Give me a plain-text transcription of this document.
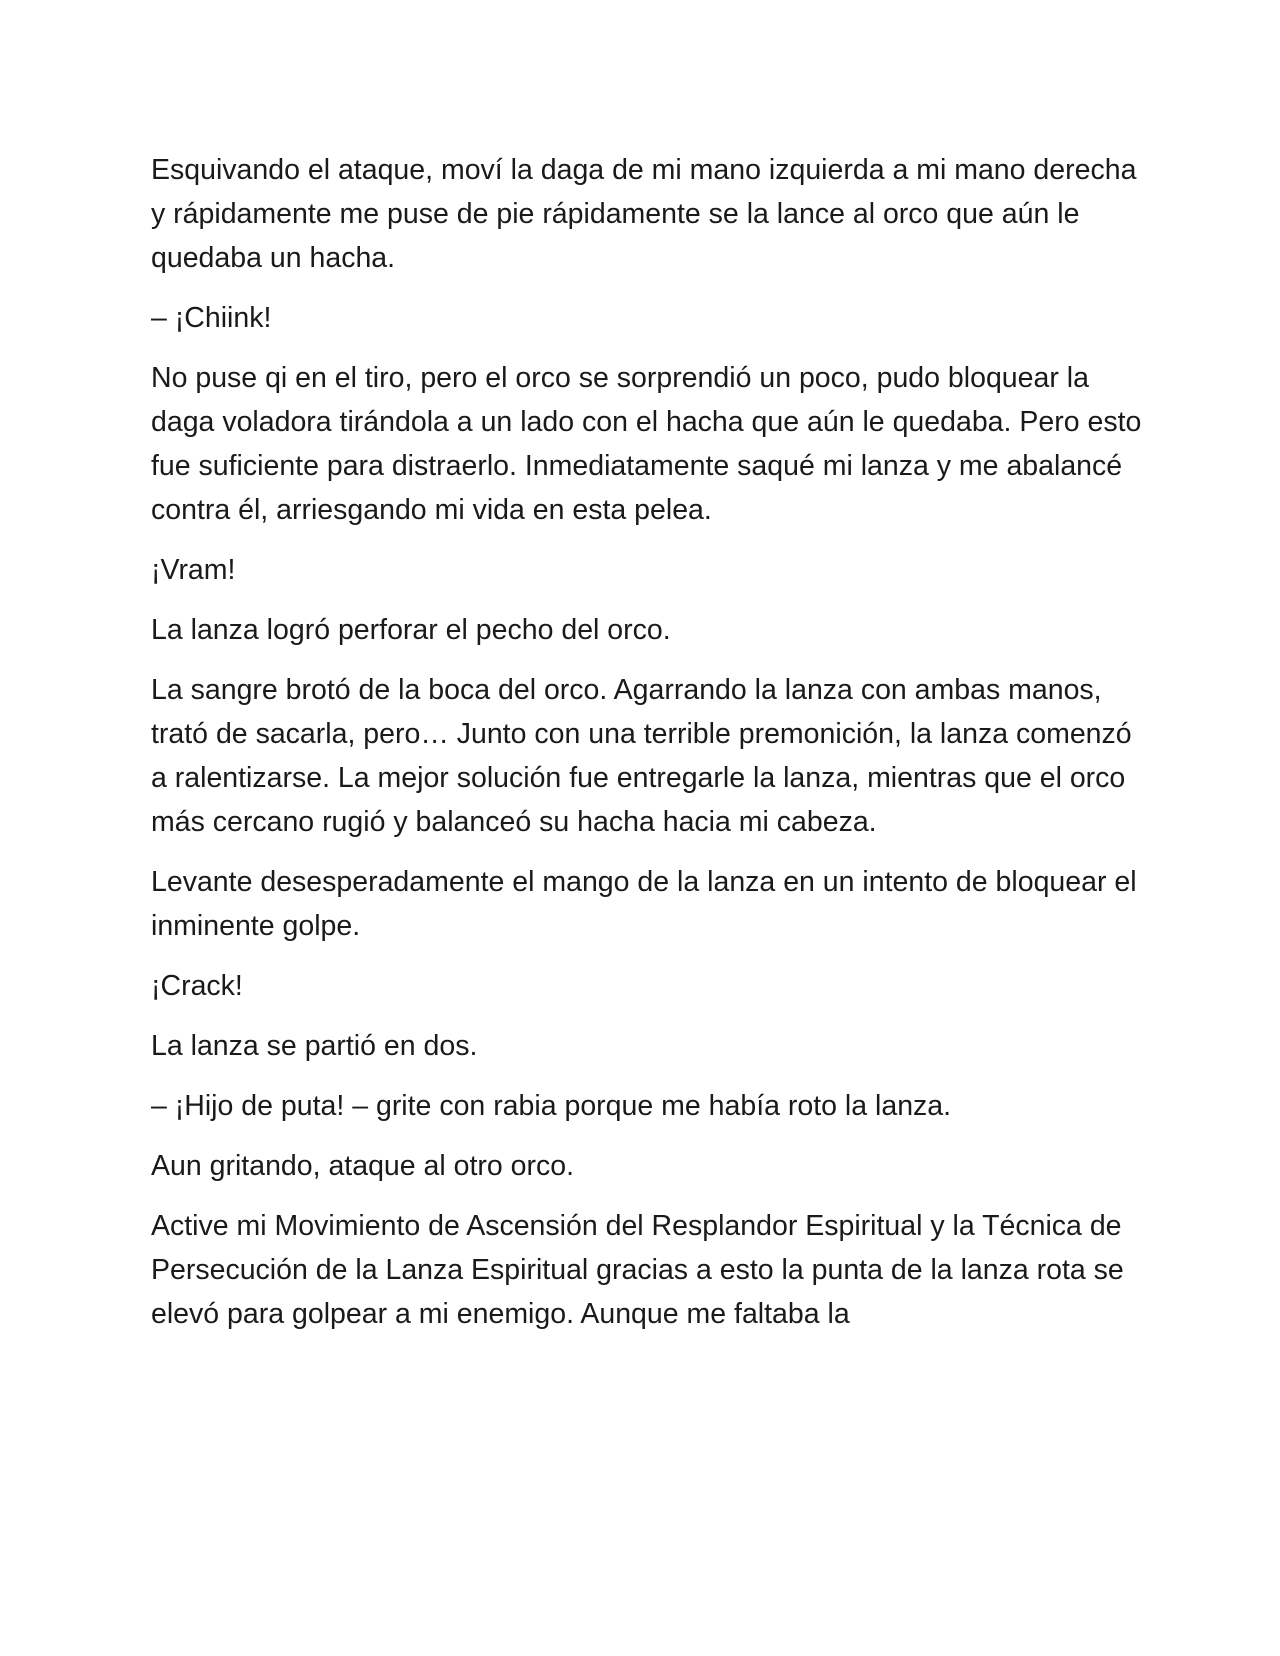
Esquivando el ataque, moví la daga de mi mano izquierda a mi mano derecha y rápidamente me puse de pie rápidamente se la lance al orco que aún le quedaba un hacha.

– ¡Chiink!

No puse qi en el tiro, pero el orco se sorprendió un poco, pudo bloquear la daga voladora tirándola a un lado con el hacha que aún le quedaba. Pero esto fue suficiente para distraerlo. Inmediatamente saqué mi lanza y me abalancé contra él, arriesgando mi vida en esta pelea.

¡Vram!

La lanza logró perforar el pecho del orco.

La sangre brotó de la boca del orco. Agarrando la lanza con ambas manos, trató de sacarla, pero… Junto con una terrible premonición, la lanza comenzó a ralentizarse. La mejor solución fue entregarle la lanza, mientras que el orco más cercano rugió y balanceó su hacha hacia mi cabeza.

Levante desesperadamente el mango de la lanza en un intento de bloquear el inminente golpe.

¡Crack!

La lanza se partió en dos.

– ¡Hijo de puta! – grite con rabia porque me había roto la lanza.

Aun gritando, ataque al otro orco.

Active mi Movimiento de Ascensión del Resplandor Espiritual y la Técnica de Persecución de la Lanza Espiritual gracias a esto la punta de la lanza rota se elevó para golpear a mi enemigo. Aunque me faltaba la
